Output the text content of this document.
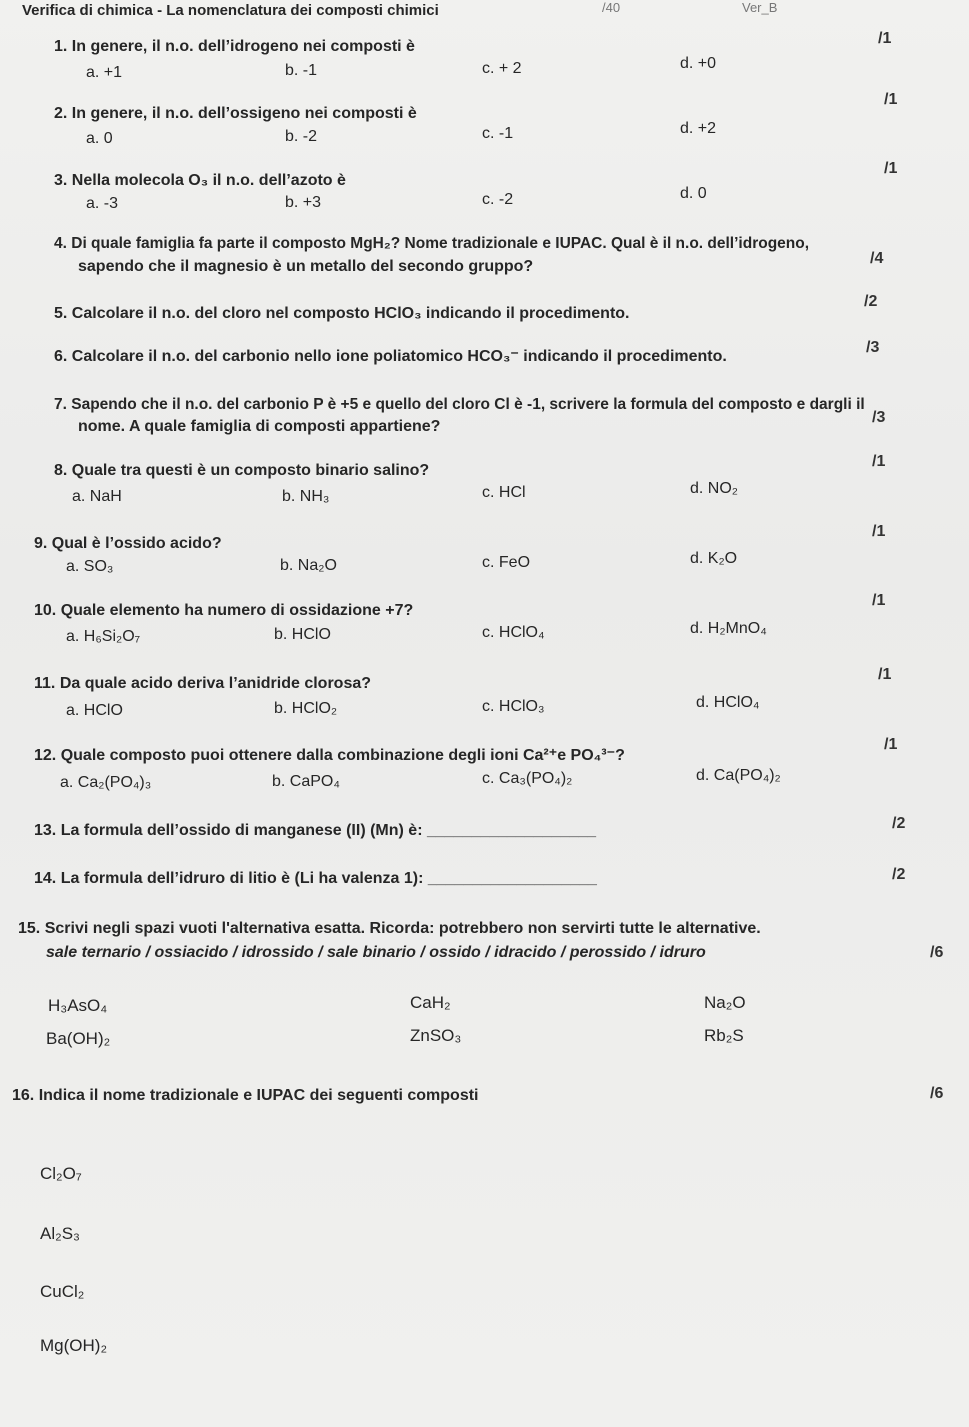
Verifica di chimica - La nomenclatura dei composti chimici	/40	Ver_B
1. In genere, il n.o. dell’idrogeno nei composti è	/1
a. +1	b. -1	c. + 2	d. +0
2. In genere, il n.o. dell’ossigeno nei composti è
/1
a. 0	b. -2	c. -1	d. +2
3. Nella molecola O₃ il n.o. dell’azoto è
/1
a. -3	b. +3	c. -2	d. 0
4. Di quale famiglia fa parte il composto MgH₂? Nome tradizionale e IUPAC. Qual è il n.o. dell’idrogeno,
sapendo che il magnesio è un metallo del secondo gruppo?	/4
5. Calcolare il n.o. del cloro nel composto HClO₃ indicando il procedimento.
/2
6. Calcolare il n.o. del carbonio nello ione poliatomico HCO₃⁻ indicando il procedimento.
/3
7. Sapendo che il n.o. del carbonio P è +5 e quello del cloro Cl è -1, scrivere la formula del composto e dargli il
nome. A quale famiglia di composti appartiene?
/3
8. Quale tra questi è un composto binario salino?
/1
a. NaH	b. NH₃	c. HCl	d. NO₂
9. Qual è l’ossido acido?
/1
a. SO₃	b. Na₂O	c. FeO	d. K₂O
10. Quale elemento ha numero di ossidazione +7?
/1
a. H₆Si₂O₇	b. HClO	c. HClO₄	d. H₂MnO₄
11. Da quale acido deriva l’anidride clorosa?
/1
a. HClO	b. HClO₂	c. HClO₃	d. HClO₄
12. Quale composto puoi ottenere dalla combinazione degli ioni Ca²⁺e PO₄³⁻?
/1
a. Ca₂(PO₄)₃	b. CaPO₄	c. Ca₃(PO₄)₂	d. Ca(PO₄)₂
13. La formula dell’ossido di manganese (II) (Mn) è: ___________________	/2
14. La formula dell’idruro di litio è (Li ha valenza 1): ___________________	/2
15. Scrivi negli spazi vuoti l'alternativa esatta. Ricorda: potrebbero non servirti tutte le alternative.
sale ternario / ossiacido / idrossido / sale binario / ossido / idracido / perossido / idruro	/6
H₃AsO₄	CaH₂	Na₂O
Ba(OH)₂	ZnSO₃	Rb₂S
16. Indica il nome tradizionale e IUPAC dei seguenti composti	/6
Cl₂O₇
Al₂S₃
CuCl₂
Mg(OH)₂
